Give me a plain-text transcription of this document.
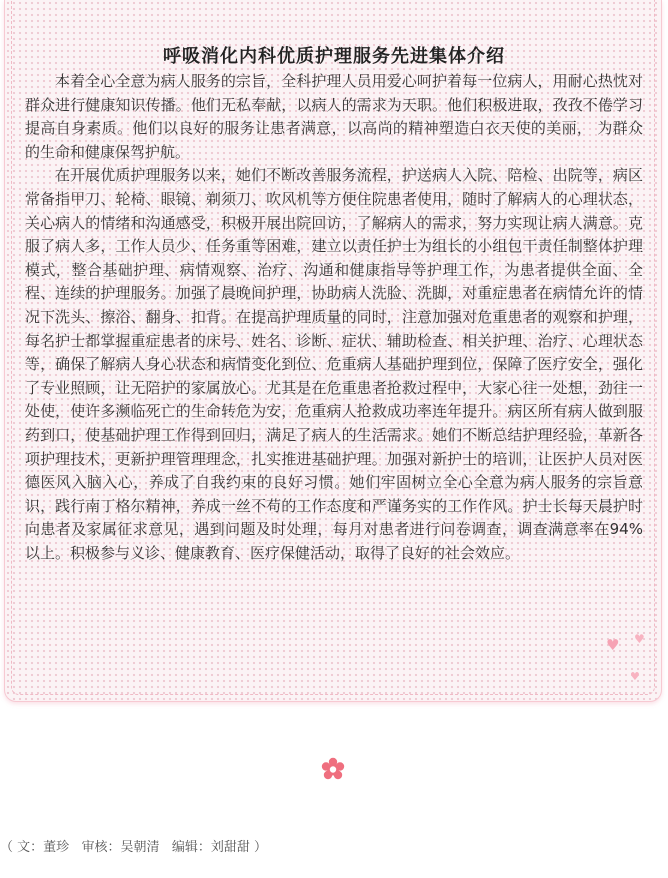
呼吸消化内科优质护理服务先进集体介绍

本着全心全意为病人服务的宗旨，全科护理人员用爱心呵护着每一位病人，用耐心热忱对群众进行健康知识传播。他们无私奉献，以病人的需求为天职。他们积极进取，孜孜不倦学习提高自身素质。他们以良好的服务让患者满意，以高尚的精神塑造白衣天使的美丽， 为群众的生命和健康保驾护航。

在开展优质护理服务以来，她们不断改善服务流程，护送病人入院、陪检、出院等，病区常备指甲刀、轮椅、眼镜、剃须刀、吹风机等方便住院患者使用，随时了解病人的心理状态，关心病人的情绪和沟通感受，积极开展出院回访，了解病人的需求，努力实现让病人满意。克服了病人多，工作人员少、任务重等困难，建立以责任护士为组长的小组包干责任制整体护理模式，整合基础护理、病情观察、治疗、沟通和健康指导等护理工作，为患者提供全面、全程、连续的护理服务。加强了晨晚间护理，协助病人洗脸、洗脚，对重症患者在病情允许的情况下洗头、擦浴、翻身、扣背。在提高护理质量的同时，注意加强对危重患者的观察和护理，每名护士都掌握重症患者的床号、姓名、诊断、症状、辅助检查、相关护理、治疗、心理状态等，确保了解病人身心状态和病情变化到位、危重病人基础护理到位，保障了医疗安全，强化了专业照顾，让无陪护的家属放心。尤其是在危重患者抢救过程中，大家心往一处想，劲往一处使，使许多濒临死亡的生命转危为安，危重病人抢救成功率连年提升。病区所有病人做到服药到口，使基础护理工作得到回归，满足了病人的生活需求。她们不断总结护理经验，革新各项护理技术，更新护理管理理念，扎实推进基础护理。加强对新护士的培训，让医护人员对医德医风入脑入心，养成了自我约束的良好习惯。她们牢固树立全心全意为病人服务的宗旨意识，践行南丁格尔精神，养成一丝不苟的工作态度和严谨务实的工作作风。护士长每天晨护时向患者及家属征求意见，遇到问题及时处理，每月对患者进行问卷调查，调查满意率在94%以上。积极参与义诊、健康教育、医疗保健活动，取得了良好的社会效应。

♥ ♥
♥
（ 文：董珍   审核：吴朝清   编辑：刘甜甜 ）
